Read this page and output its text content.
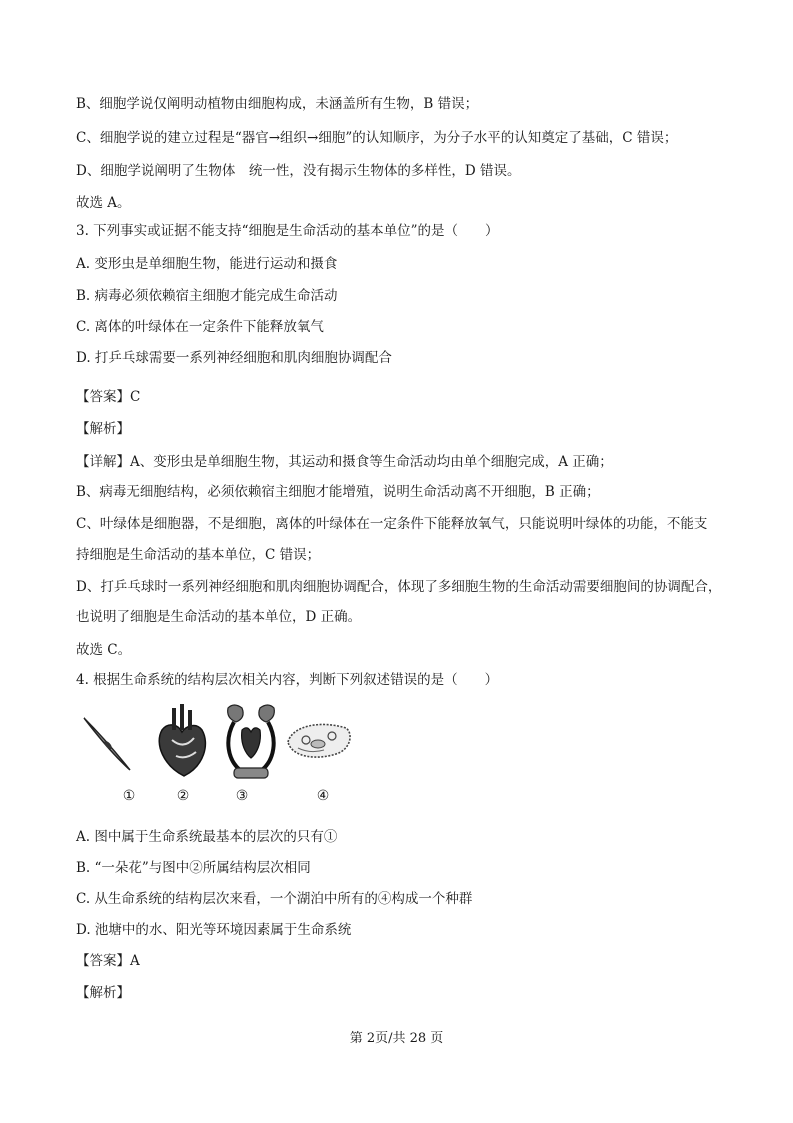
B、细胞学说仅阐明动植物由细胞构成，未涵盖所有生物，B 错误；
C、细胞学说的建立过程是“器官→组织→细胞”的认知顺序，为分子水平的认知奠定了基础，C 错误；
D、细胞学说阐明了生物体　统一性，没有揭示生物体的多样性，D 错误。
故选 A。
3. 下列事实或证据不能支持“细胞是生命活动的基本单位”的是（　　）
A. 变形虫是单细胞生物，能进行运动和摄食
B. 病毒必须依赖宿主细胞才能完成生命活动
C. 离体的叶绿体在一定条件下能释放氧气
D. 打乒乓球需要一系列神经细胞和肌肉细胞协调配合
【答案】C
【解析】
【详解】A、变形虫是单细胞生物，其运动和摄食等生命活动均由单个细胞完成，A 正确；
B、病毒无细胞结构，必须依赖宿主细胞才能增殖，说明生命活动离不开细胞，B 正确；
C、叶绿体是细胞器，不是细胞，离体的叶绿体在一定条件下能释放氧气，只能说明叶绿体的功能，不能支
持细胞是生命活动的基本单位，C 错误；
D、打乒乓球时一系列神经细胞和肌肉细胞协调配合，体现了多细胞生物的生命活动需要细胞间的协调配合，
也说明了细胞是生命活动的基本单位，D 正确。
故选 C。
4. 根据生命系统的结构层次相关内容，判断下列叙述错误的是（　　）
A. 图中属于生命系统最基本的层次的只有①
B. “一朵花”与图中②所属结构层次相同
C. 从生命系统的结构层次来看，一个湖泊中所有的④构成一个种群
D. 池塘中的水、阳光等环境因素属于生命系统
【答案】A
【解析】
①	②	③	④
第 2页/共 28 页
